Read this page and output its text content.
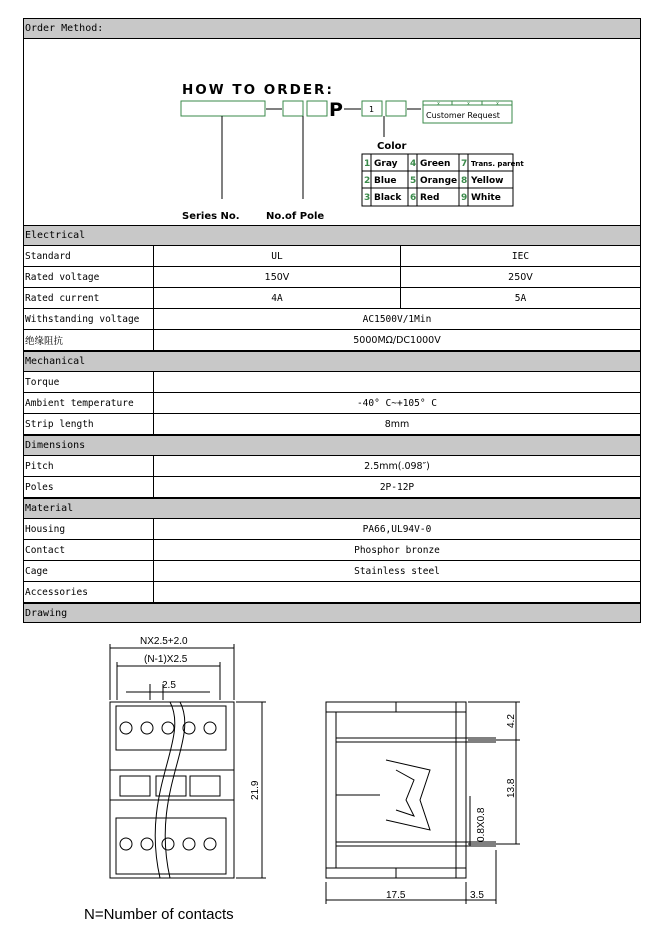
Order Method:
HOW TO ORDER:
P	1
x	x	x
Customer Request
Color
1 Gray 4 Green 7 Trans. parent
2 Blue 5 Orange 8 Yellow
3 Black 6 Red 9 White
Series No.	No.of Pole
Electrical
Standard	UL	IEC
Rated voltage	150V	250V
Rated current	4A	5A
Withstanding voltage	AC1500V/1Min	
绝缘阻抗	5000MΩ/DC1000V	
Mechanical
Torque	
Ambient temperature	-40° C~+105° C
Strip length	8mm
Dimensions
Pitch	2.5mm(.098″)
Poles	2P-12P
Material
Housing	PA66,UL94V-0
Contact	Phosphor bronze
Cage	Stainless steel
Accessories	
Drawing
NX2.5+2.0
(N-1)X2.5
2.5
21.9
4.2
13.8
0.8X0.8
17.5	3.5
N=Number of contacts
